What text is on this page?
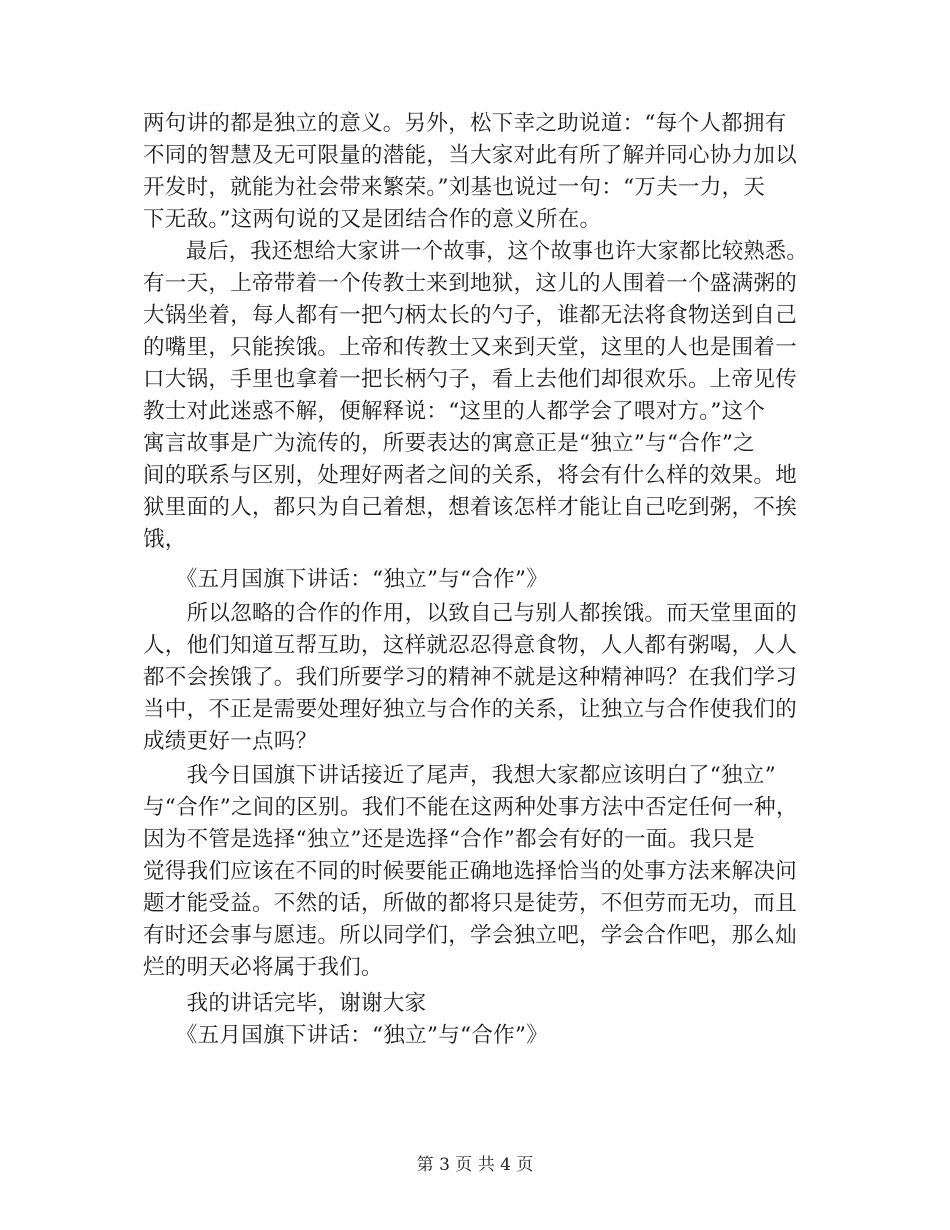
两句讲的都是独立的意义。另外，松下幸之助说道：“每个人都拥有
不同的智慧及无可限量的潜能，当大家对此有所了解并同心协力加以
开发时，就能为社会带来繁荣。”刘基也说过一句：“万夫一力，天
下无敌。”这两句说的又是团结合作的意义所在。
　　最后，我还想给大家讲一个故事，这个故事也许大家都比较熟悉。
有一天，上帝带着一个传教士来到地狱，这儿的人围着一个盛满粥的
大锅坐着，每人都有一把勺柄太长的勺子，谁都无法将食物送到自己
的嘴里，只能挨饿。上帝和传教士又来到天堂，这里的人也是围着一
口大锅，手里也拿着一把长柄勺子，看上去他们却很欢乐。上帝见传
教士对此迷惑不解，便解释说：“这里的人都学会了喂对方。”这个
寓言故事是广为流传的，所要表达的寓意正是“独立”与“合作”之
间的联系与区别，处理好两者之间的关系，将会有什么样的效果。地
狱里面的人，都只为自己着想，想着该怎样才能让自己吃到粥，不挨
饿，
　　《五月国旗下讲话：“独立”与“合作”》
　　所以忽略的合作的作用，以致自己与别人都挨饿。而天堂里面的
人，他们知道互帮互助，这样就忍忍得意食物，人人都有粥喝，人人
都不会挨饿了。我们所要学习的精神不就是这种精神吗？在我们学习
当中，不正是需要处理好独立与合作的关系，让独立与合作使我们的
成绩更好一点吗？
　　我今日国旗下讲话接近了尾声，我想大家都应该明白了“独立”
与“合作”之间的区别。我们不能在这两种处事方法中否定任何一种，
因为不管是选择“独立”还是选择“合作”都会有好的一面。我只是
觉得我们应该在不同的时候要能正确地选择恰当的处事方法来解决问
题才能受益。不然的话，所做的都将只是徒劳，不但劳而无功，而且
有时还会事与愿违。所以同学们，学会独立吧，学会合作吧，那么灿
烂的明天必将属于我们。
　　我的讲话完毕，谢谢大家
　　《五月国旗下讲话：“独立”与“合作”》
第 3 页 共 4 页
